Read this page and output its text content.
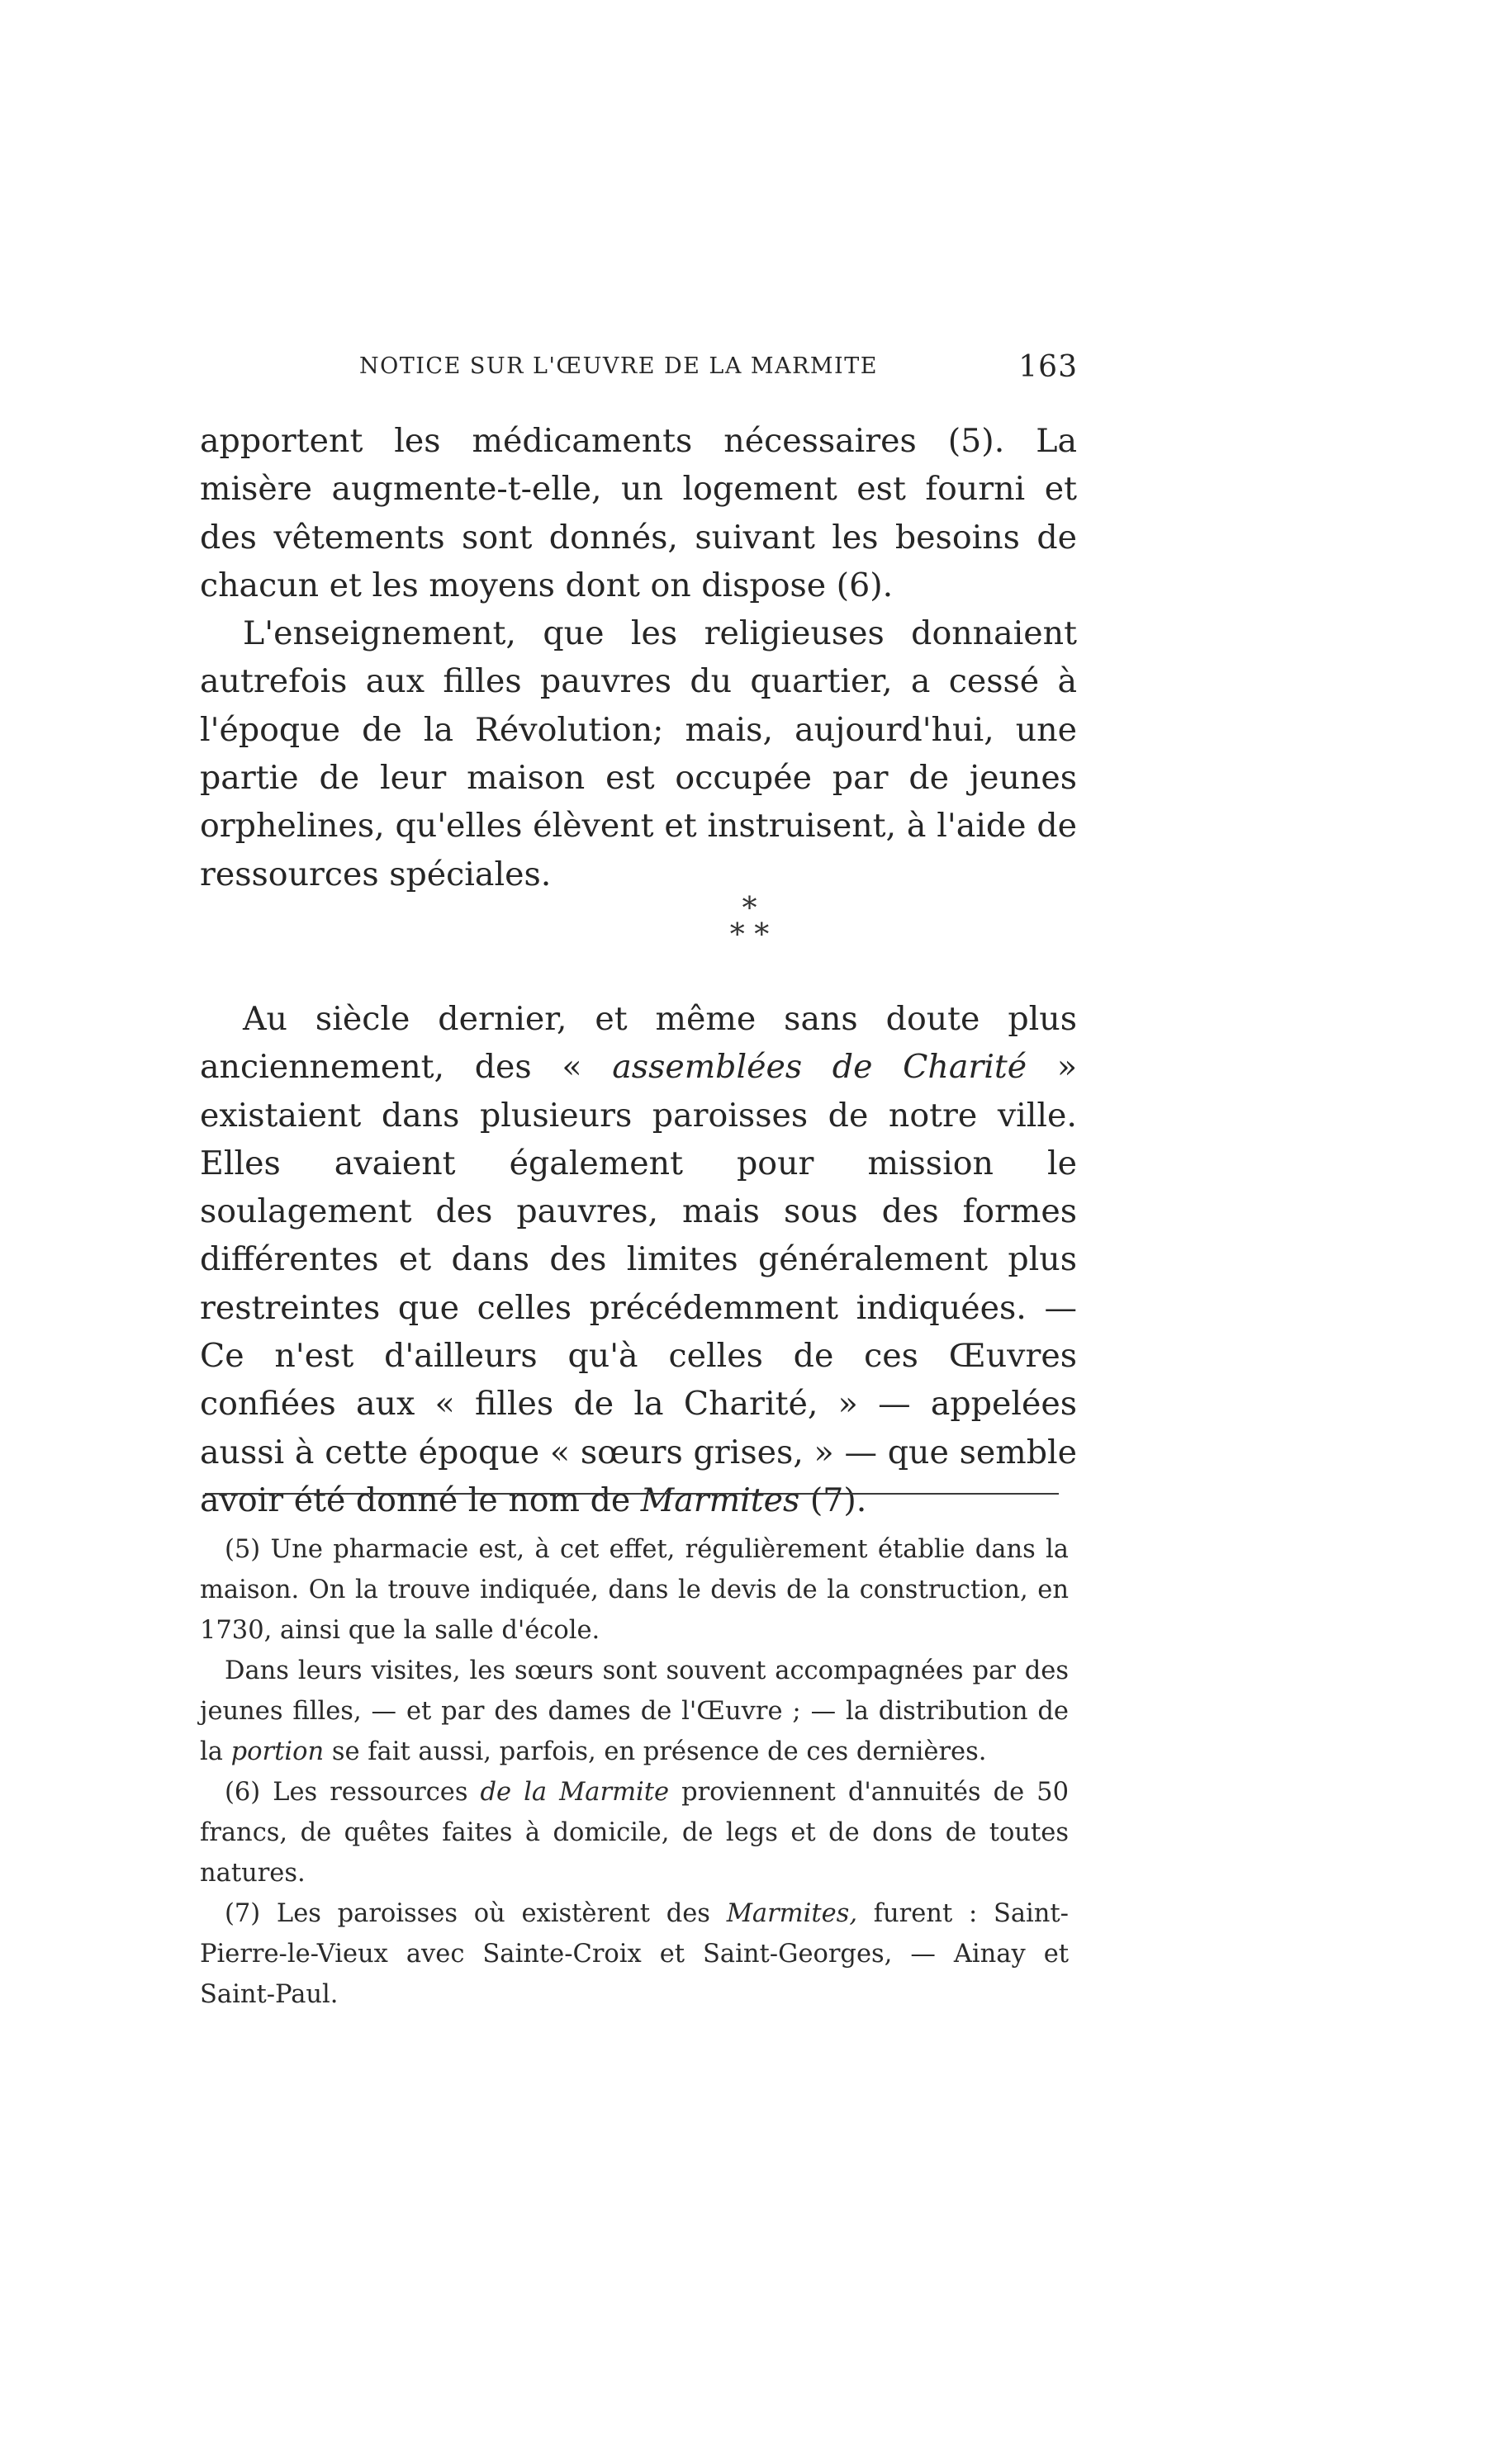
NOTICE SUR L'ŒUVRE DE LA MARMITE	163

apportent les médicaments nécessaires (5). La misère augmente-t-elle, un logement est fourni et des vêtements sont donnés, suivant les besoins de chacun et les moyens dont on dispose (6).

L'enseignement, que les religieuses donnaient autrefois aux filles pauvres du quartier, a cessé à l'époque de la Révolution; mais, aujourd'hui, une partie de leur maison est occupée par de jeunes orphelines, qu'elles élèvent et instruisent, à l'aide de ressources spéciales.

*
* *

Au siècle dernier, et même sans doute plus anciennement, des « assemblées de Charité » existaient dans plusieurs paroisses de notre ville. Elles avaient également pour mission le soulagement des pauvres, mais sous des formes différentes et dans des limites généralement plus restreintes que celles précédemment indiquées. — Ce n'est d'ailleurs qu'à celles de ces Œuvres confiées aux « filles de la Charité, » — appelées aussi à cette époque « sœurs grises, » — que semble avoir été donné le nom de Marmites (7).

(5) Une pharmacie est, à cet effet, régulièrement établie dans la maison. On la trouve indiquée, dans le devis de la construction, en 1730, ainsi que la salle d'école.

Dans leurs visites, les sœurs sont souvent accompagnées par des jeunes filles, — et par des dames de l'Œuvre ; — la distribution de la portion se fait aussi, parfois, en présence de ces dernières.

(6) Les ressources de la Marmite proviennent d'annuités de 50 francs, de quêtes faites à domicile, de legs et de dons de toutes natures.

(7) Les paroisses où existèrent des Marmites, furent : Saint-Pierre-le-Vieux avec Sainte-Croix et Saint-Georges, — Ainay et Saint-Paul.
